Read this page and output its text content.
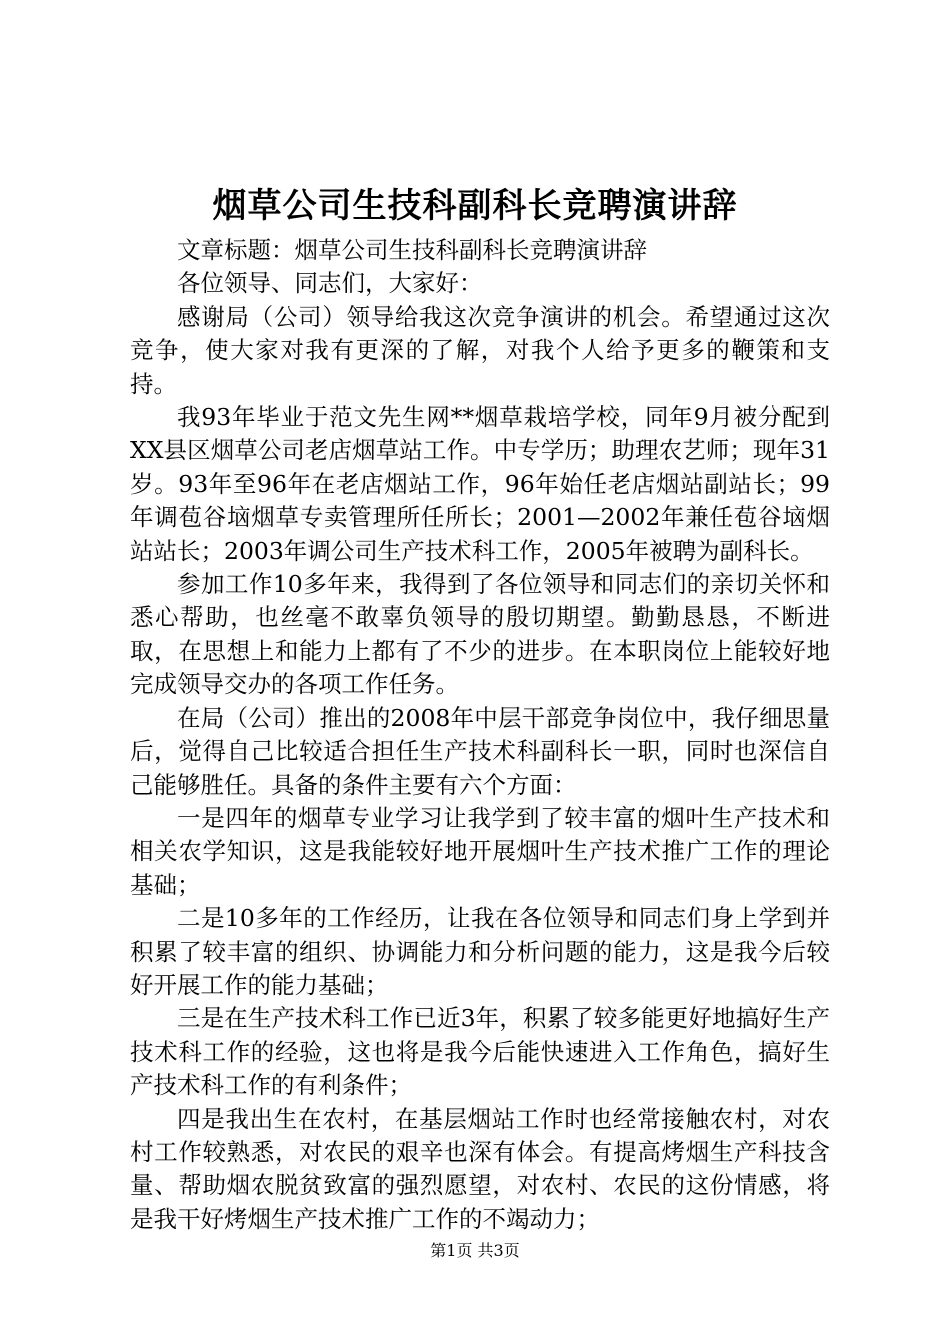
烟草公司生技科副科长竞聘演讲辞

文章标题：烟草公司生技科副科长竞聘演讲辞

各位领导、同志们，大家好：

感谢局（公司）领导给我这次竞争演讲的机会。希望通过这次竞争，使大家对我有更深的了解，对我个人给予更多的鞭策和支持。

我93年毕业于范文先生网**烟草栽培学校，同年9月被分配到XX县区烟草公司老店烟草站工作。中专学历；助理农艺师；现年31岁。93年至96年在老店烟站工作，96年始任老店烟站副站长；99年调苞谷垴烟草专卖管理所任所长；2001—2002年兼任苞谷垴烟站站长；2003年调公司生产技术科工作，2005年被聘为副科长。

参加工作10多年来，我得到了各位领导和同志们的亲切关怀和悉心帮助，也丝毫不敢辜负领导的殷切期望。勤勤恳恳，不断进取，在思想上和能力上都有了不少的进步。在本职岗位上能较好地完成领导交办的各项工作任务。

在局（公司）推出的2008年中层干部竞争岗位中，我仔细思量后，觉得自己比较适合担任生产技术科副科长一职，同时也深信自己能够胜任。具备的条件主要有六个方面：

一是四年的烟草专业学习让我学到了较丰富的烟叶生产技术和相关农学知识，这是我能较好地开展烟叶生产技术推广工作的理论基础；

二是10多年的工作经历，让我在各位领导和同志们身上学到并积累了较丰富的组织、协调能力和分析问题的能力，这是我今后较好开展工作的能力基础；

三是在生产技术科工作已近3年，积累了较多能更好地搞好生产技术科工作的经验，这也将是我今后能快速进入工作角色，搞好生产技术科工作的有利条件；

四是我出生在农村，在基层烟站工作时也经常接触农村，对农村工作较熟悉，对农民的艰辛也深有体会。有提高烤烟生产科技含量、帮助烟农脱贫致富的强烈愿望，对农村、农民的这份情感，将是我干好烤烟生产技术推广工作的不竭动力；

第1页 共3页
